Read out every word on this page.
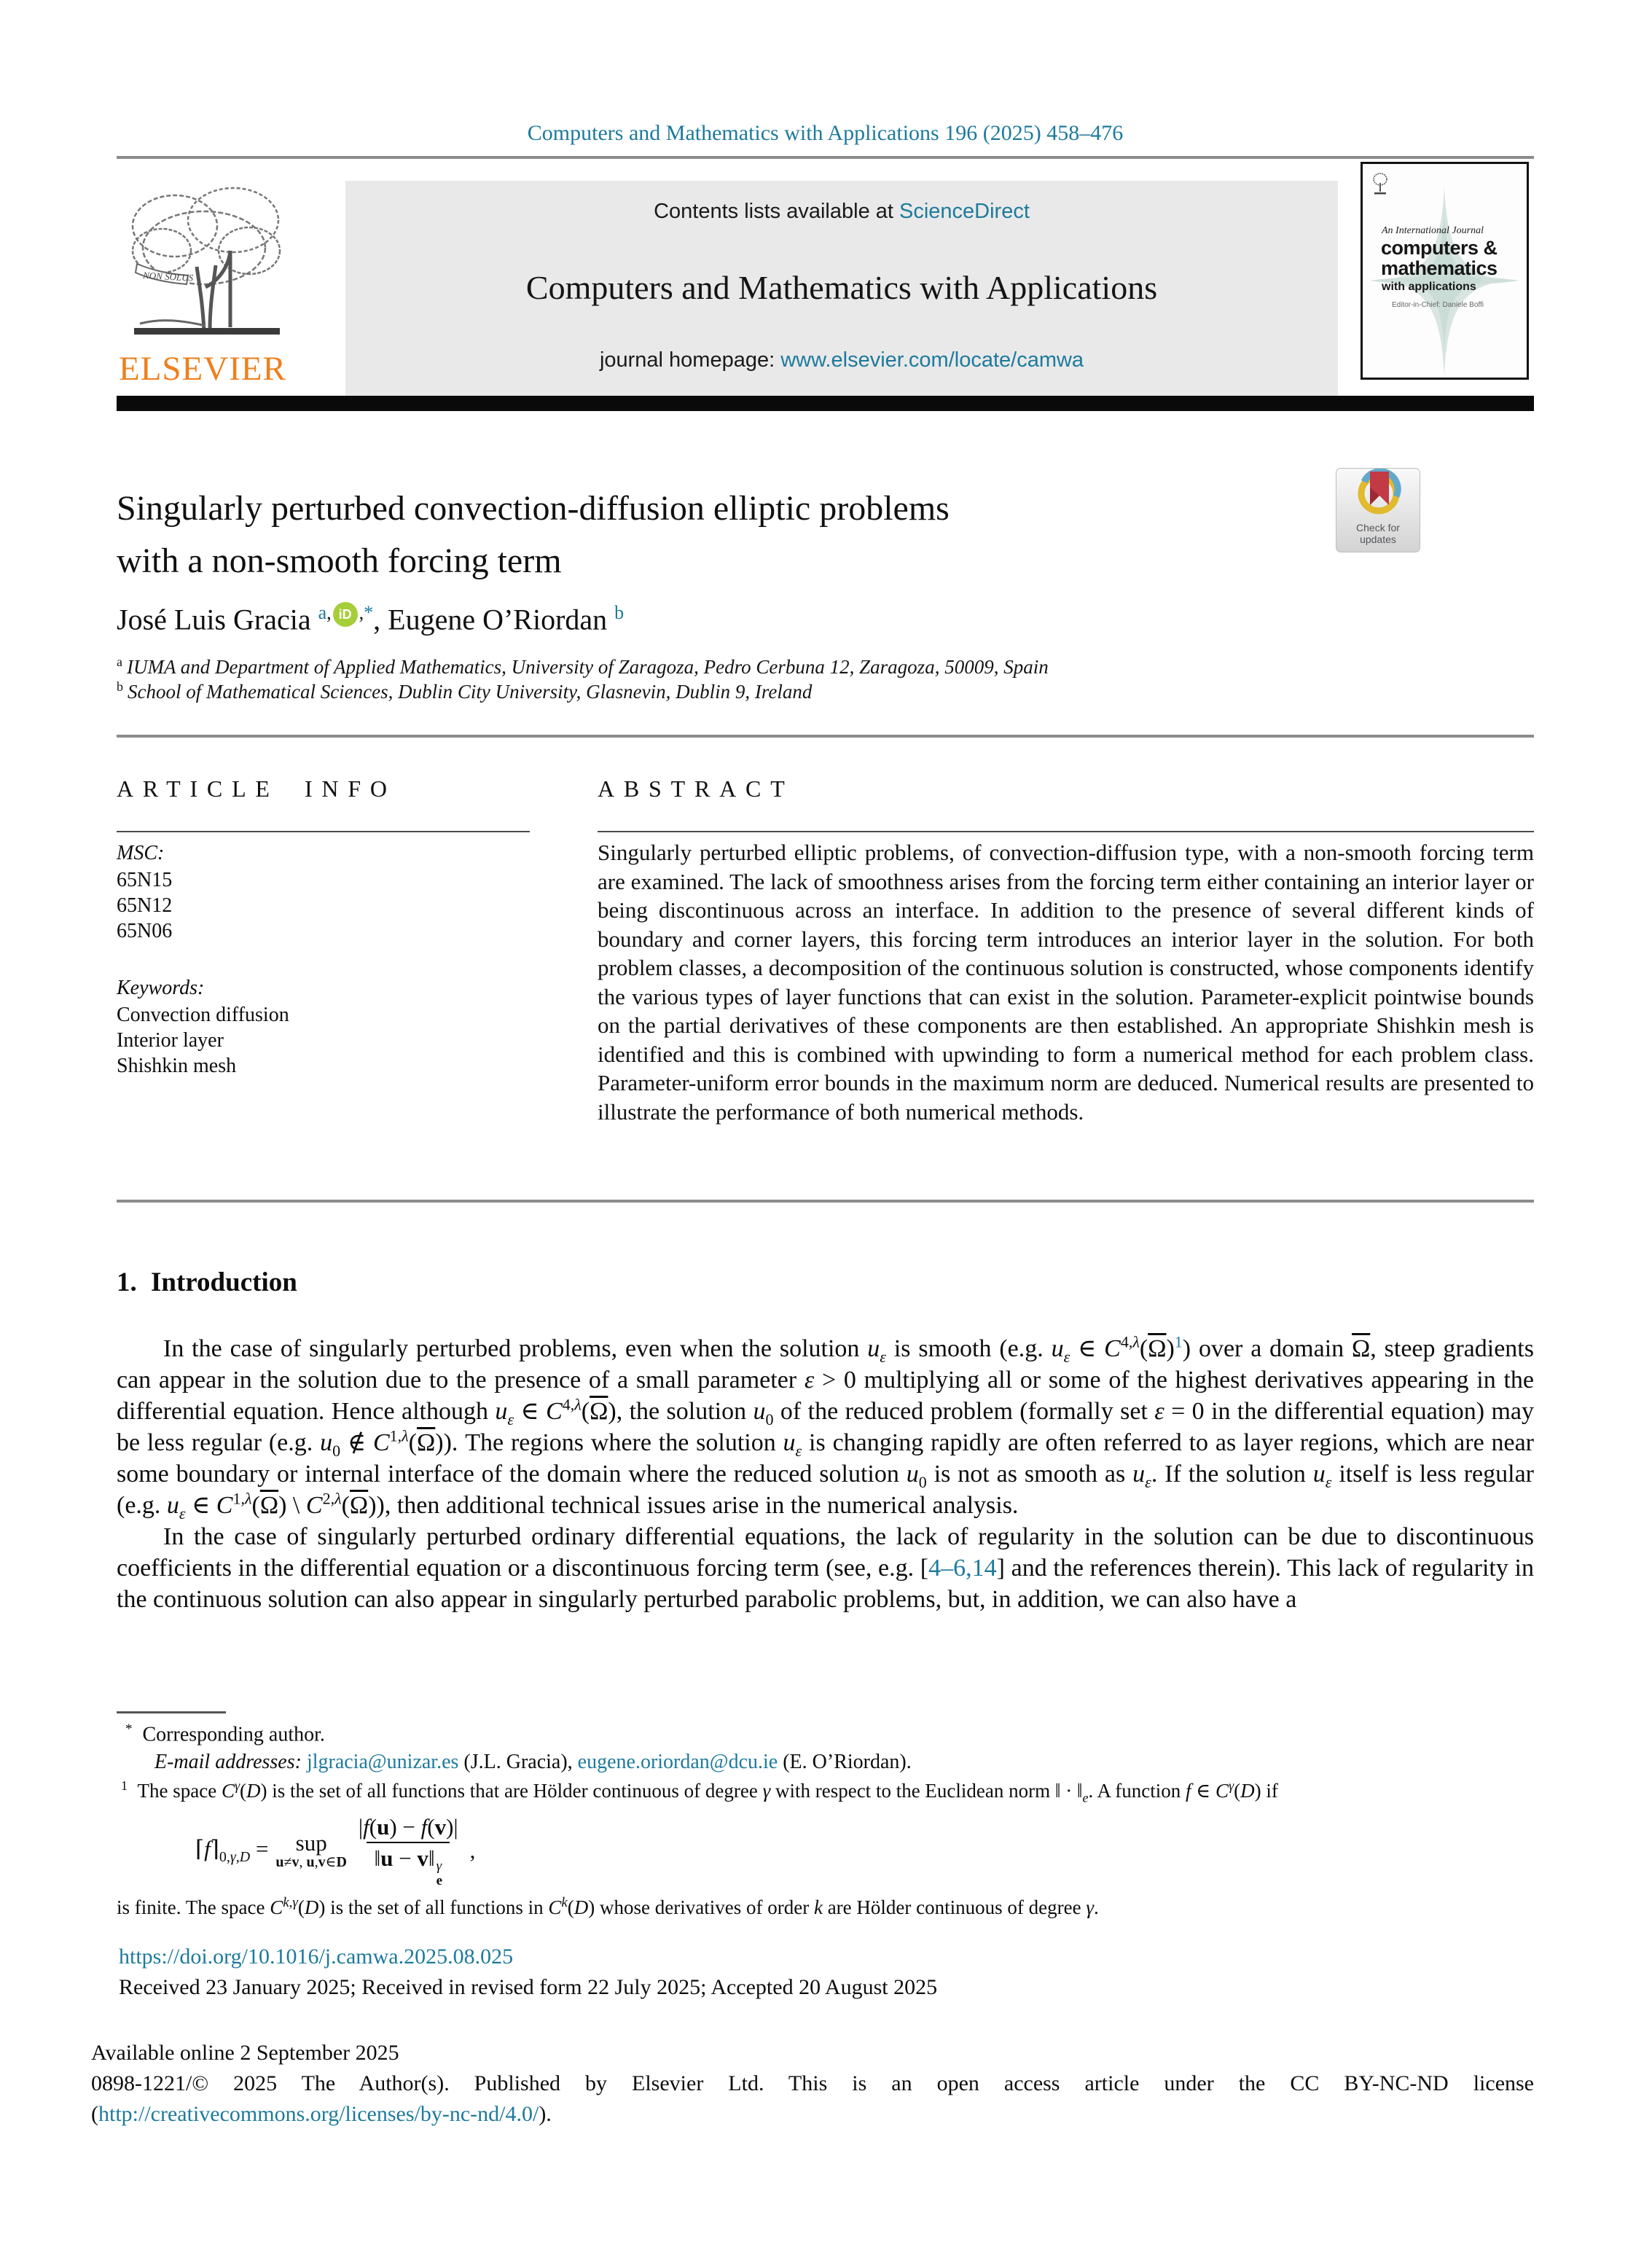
Computers and Mathematics with Applications 196 (2025) 458–476
NON SOLUS
ELSEVIER
Contents lists available at ScienceDirect
Computers and Mathematics with Applications
journal homepage: www.elsevier.com/locate/camwa
An International Journal
computers &
mathematics
with applications
Editor-in-Chief: Daniele Boffi
Check for
updates
Singularly perturbed convection-diffusion elliptic problems
with a non-smooth forcing term
José Luis Gracia $^{a,}$ iD ,*, Eugene O’Riordan $^b$
$^a$ IUMA and Department of Applied Mathematics, University of Zaragoza, Pedro Cerbuna 12, Zaragoza, 50009, Spain
$^b$ School of Mathematical Sciences, Dublin City University, Glasnevin, Dublin 9, Ireland
ARTICLE INFO
MSC:
65N15
65N12
65N06
Keywords:
Convection diffusion
Interior layer
Shishkin mesh
ABSTRACT
Singularly perturbed elliptic problems, of convection-diffusion type, with a non-smooth forcing term are examined. The lack of smoothness arises from the forcing term either containing an interior layer or being discontinuous across an interface. In addition to the presence of several different kinds of boundary and corner layers, this forcing term introduces an interior layer in the solution. For both problem classes, a decomposition of the continuous solution is constructed, whose components identify the various types of layer functions that can exist in the solution. Parameter-explicit pointwise bounds on the partial derivatives of these components are then established. An appropriate Shishkin mesh is identified and this is combined with upwinding to form a numerical method for each problem class. Parameter-uniform error bounds in the maximum norm are deduced. Numerical results are presented to illustrate the performance of both numerical methods.
1. Introduction

In the case of singularly perturbed problems, even when the solution $u_\varepsilon$ is smooth (e.g. $u_\varepsilon$ ∈ $C^{4,\lambda}(\overline{\Omega})^1$) over a domain $\overline{\Omega}$, steep gradients can appear in the solution due to the presence of a small parameter ε > 0 multiplying all or some of the highest derivatives appearing in the differential equation. Hence although $u_\varepsilon$ ∈ $C^{4,\lambda}(\overline{\Omega})$, the solution $u_0$ of the reduced problem (formally set ε = 0 in the differential equation) may be less regular (e.g. $u_0$ ∉ $C^{1,\lambda}(\overline{\Omega})$). The regions where the solution $u_\varepsilon$ is changing rapidly are often referred to as layer regions, which are near some boundary or internal interface of the domain where the reduced solution $u_0$ is not as smooth as $u_\varepsilon$. If the solution $u_\varepsilon$ itself is less regular (e.g. $u_\varepsilon$ ∈ $C^{1,\lambda}(\overline{\Omega})$ \ $C^{2,\lambda}(\overline{\Omega})$), then additional technical issues arise in the numerical analysis.

In the case of singularly perturbed ordinary differential equations, the lack of regularity in the solution can be due to discontinuous coefficients in the differential equation or a discontinuous forcing term (see, e.g. [4–6,14] and the references therein). This lack of regularity in the continuous solution can also appear in singularly perturbed parabolic problems, but, in addition, we can also have a

* Corresponding author.
E-mail addresses: jlgracia@unizar.es (J.L. Gracia), eugene.oriordan@dcu.ie (E. O’Riordan).
$^1$ The space $C^\gamma(D)$ is the set of all functions that are Hölder continuous of degree γ with respect to the Euclidean norm ‖ · $‖_e$. A function f ∈ $C^\gamma(D)$ if
$⌈f⌉_{0,\gamma,D}$ = sup
u≠v, u,v∈D |f(u) − f(v)|
‖u − v‖ γ
e ,
is finite. The space $C^{k,\gamma}(D)$ is the set of all functions in $C^k(D)$ whose derivatives of order k are Hölder continuous of degree γ.
https://doi.org/10.1016/j.camwa.2025.08.025
Received 23 January 2025; Received in revised form 22 July 2025; Accepted 20 August 2025
Available online 2 September 2025
0898-1221/© 2025 The Author(s). Published by Elsevier Ltd. This is an open access article under the CC BY-NC-ND license
(http://creativecommons.org/licenses/by-nc-nd/4.0/).
